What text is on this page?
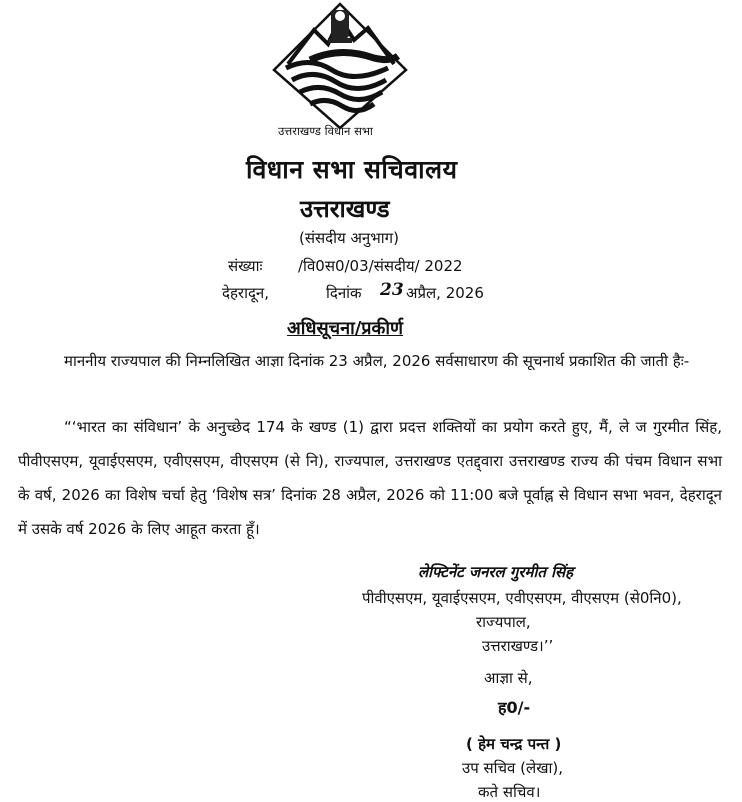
उत्तराखण्ड विधान सभा
विधान सभा सचिवालय
उत्तराखण्ड
(संसदीय अनुभाग)
संख्याः /वि0स0/03/संसदीय/ 2022
देहरादून,	दिनांक 23 अप्रैल, 2026
अधिसूचना/प्रकीर्ण
माननीय राज्यपाल की निम्नलिखित आज्ञा दिनांक 23 अप्रैल, 2026 सर्वसाधारण की सूचनार्थ प्रकाशित की जाती हैः-
“‘भारत का संविधान’ के अनुच्छेद 174 के खण्ड (1) द्वारा प्रदत्त शक्तियों का प्रयोग करते हुए, मैं, ले ज गुरमीत सिंह, पीवीएसएम, यूवाईएसएम, एवीएसएम, वीएसएम (से नि), राज्यपाल, उत्तराखण्ड एतद्द्वारा उत्तराखण्ड राज्य की पंचम विधान सभा के वर्ष, 2026 का विशेष चर्चा हेतु ‘विशेष सत्र’ दिनांक 28 अप्रैल, 2026 को 11:00 बजे पूर्वाह्न से विधान सभा भवन, देहरादून में उसके वर्ष 2026 के लिए आहूत करता हूँ।
लेफ्टिनेंट जनरल गुरमीत सिंह
पीवीएसएम, यूवाईएसएम, एवीएसएम, वीएसएम (से0नि0),
राज्यपाल,
उत्तराखण्ड।’’
आज्ञा से,
ह0/-
( हेम चन्द्र पन्त )
उप सचिव (लेखा),
कते सचिव।
